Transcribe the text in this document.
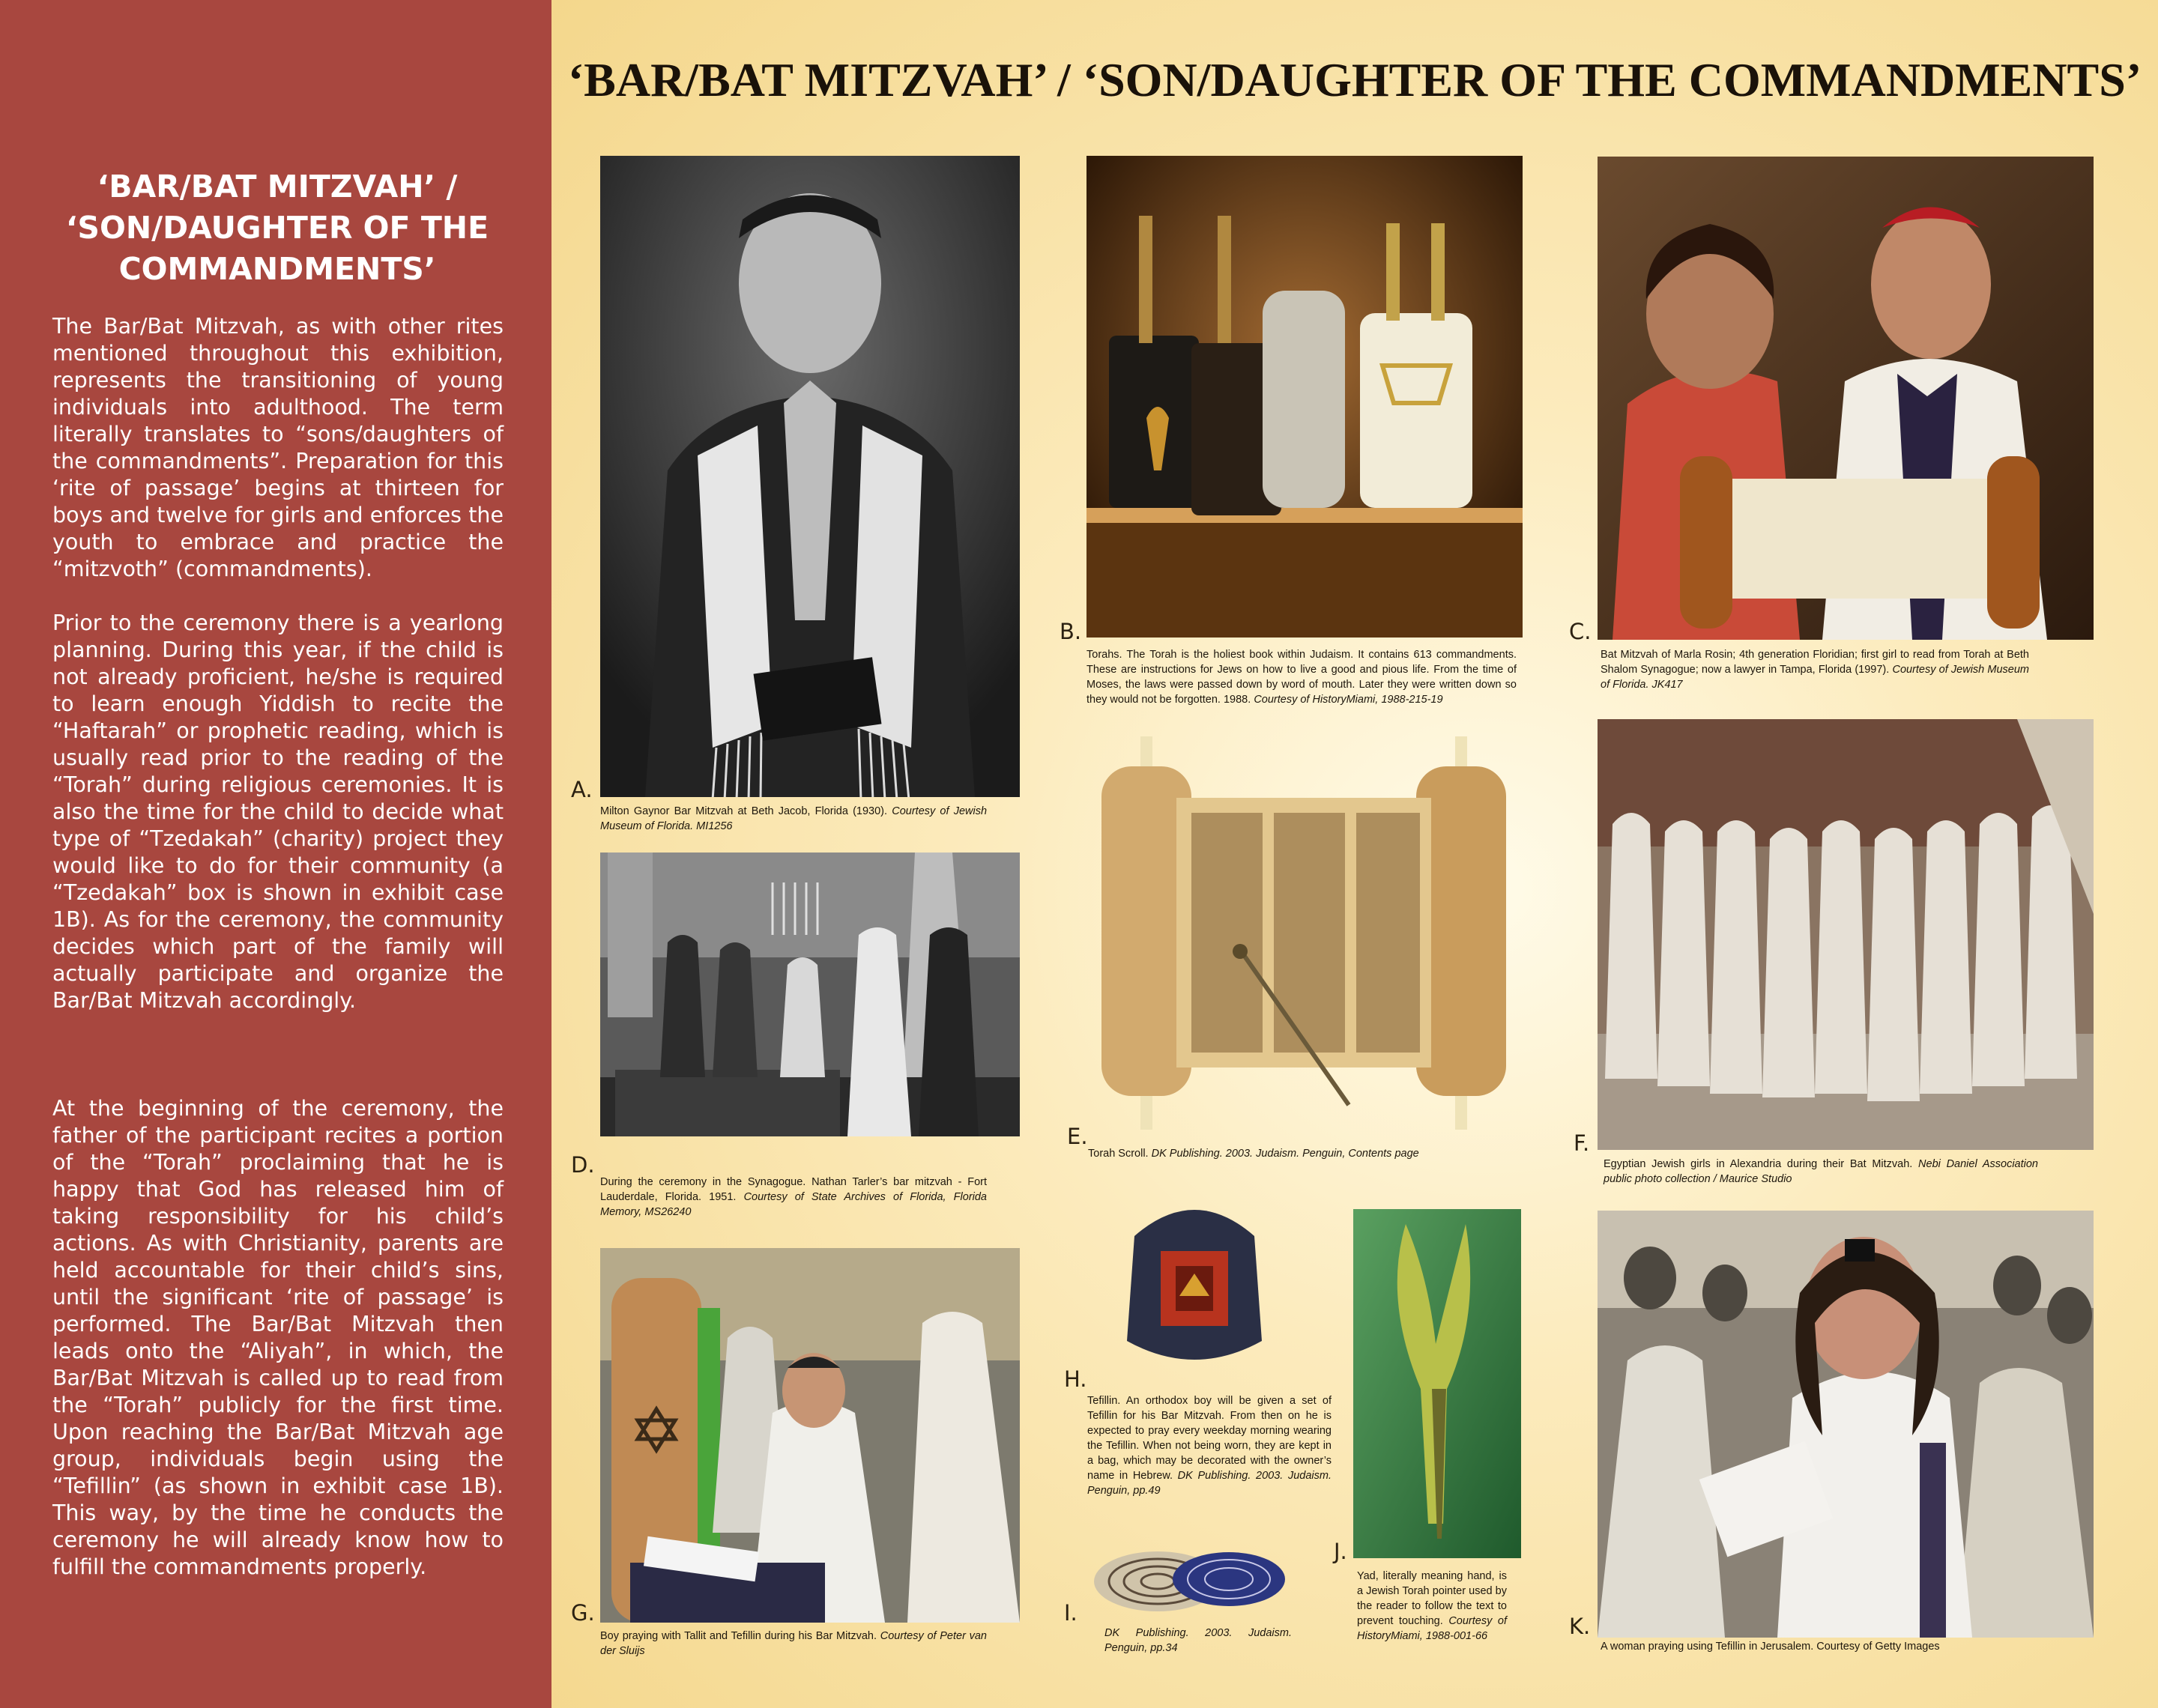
‘BAR/BAT MITZVAH’ /
‘SON/DAUGHTER OF THE
COMMANDMENTS’
The Bar/Bat Mitzvah, as with other rites mentioned throughout this exhibition, represents the transitioning of young individuals into adulthood. The term literally translates to “sons/daughters of the commandments”. Preparation for this ‘rite of passage’ begins at thirteen for boys and twelve for girls and enforces the youth to embrace and practice the “mitzvoth” (commandments).
Prior to the ceremony there is a yearlong planning. During this year, if the child is not already proficient, he/she is required to learn enough Yiddish to recite the “Haftarah” or prophetic reading, which is usually read prior to the reading of the “Torah” during religious ceremonies. It is also the time for the child to decide what type of “Tzedakah” (charity) project they would like to do for their community (a “Tzedakah” box is shown in exhibit case 1B). As for the ceremony, the community decides which part of the family will actually participate and organize the Bar/Bat Mitzvah accordingly.
At the beginning of the ceremony, the father of the participant recites a portion of the “Torah” proclaiming that he is happy that God has released him of taking responsibility for his child’s actions. As with Christianity, parents are held accountable for their child’s sins, until the significant ‘rite of passage’ is performed. The Bar/Bat Mitzvah then leads onto the “Aliyah”, in which, the Bar/Bat Mitzvah is called up to read from the “Torah” publicly for the first time. Upon reaching the Bar/Bat Mitzvah age group, individuals begin using the “Tefillin” (as shown in exhibit case 1B). This way, by the time he conducts the ceremony he will already know how to fulfill the commandments properly.
‘BAR/BAT MITZVAH’ / ‘SON/DAUGHTER OF THE COMMANDMENTS’
A.
Milton Gaynor Bar Mitzvah at Beth Jacob, Florida (1930). Courtesy of Jewish Museum of Florida. MI1256
D.
During the ceremony in the Synagogue. Nathan Tarler’s bar mitzvah - Fort Lauderdale, Florida. 1951. Courtesy of State Archives of Florida, Florida Memory, MS26240
G.
Boy praying with Tallit and Tefillin during his Bar Mitzvah. Courtesy of Peter van der Sluijs
B.
Torahs. The Torah is the holiest book within Judaism. It contains 613 commandments. These are instructions for Jews on how to live a good and pious life. From the time of Moses, the laws were passed down by word of mouth. Later they were written down so they would not be forgotten. 1988. Courtesy of HistoryMiami, 1988-215-19
E.
Torah Scroll. DK Publishing. 2003. Judaism. Penguin, Contents page
H.
Tefillin. An orthodox boy will be given a set of Tefillin for his Bar Mitzvah. From then on he is expected to pray every weekday morning wearing the Tefillin. When not being worn, they are kept in a bag, which may be decorated with the owner’s name in Hebrew. DK Publishing. 2003. Judaism. Penguin, pp.49
I.
DK Publishing. 2003. Judaism. Penguin, pp.34
J.
Yad, literally meaning hand, is a Jewish Torah pointer used by the reader to follow the text to prevent touching. Courtesy of HistoryMiami, 1988-001-66
C.
Bat Mitzvah of Marla Rosin; 4th generation Floridian; first girl to read from Torah at Beth Shalom Synagogue; now a lawyer in Tampa, Florida (1997). Courtesy of Jewish Museum of Florida. JK417
F.
Egyptian Jewish girls in Alexandria during their Bat Mitzvah. Nebi Daniel Association public photo collection / Maurice Studio
K.
A woman praying using Tefillin in Jerusalem. Courtesy of Getty Images
